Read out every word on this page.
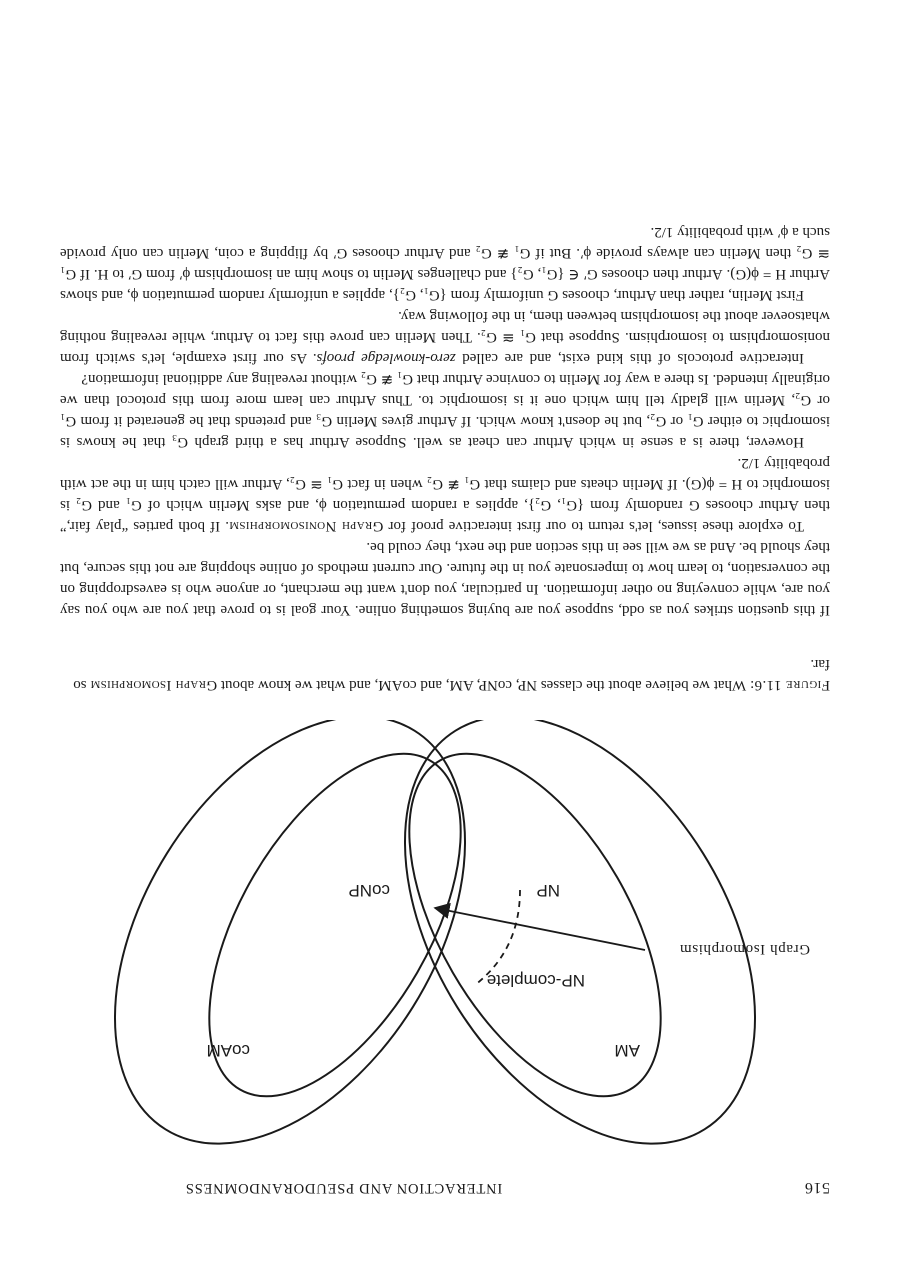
516
INTERACTION AND PSEUDORANDOMNESS
AM
coAM
NP
coNP
NP-complete
Graph Isomorphism
Figure 11.6: What we believe about the classes NP, coNP, AM, and coAM, and what we know about Graph Isomorphism so far.

If this question strikes you as odd, suppose you are buying something online. Your goal is to prove that you are who you say you are, while conveying no other information. In particular, you don't want the merchant, or anyone who is eavesdropping on the conversation, to learn how to impersonate you in the future. Our current methods of online shopping are not this secure, but they should be. And as we will see in this section and the next, they could be.

To explore these issues, let's return to our first interactive proof for Graph Nonisomorphism. If both parties “play fair,” then Arthur chooses G randomly from {G₁, G₂}, applies a random permutation ϕ, and asks Merlin which of G₁ and G₂ is isomorphic to H = ϕ(G). If Merlin cheats and claims that G₁ ≇ G₂ when in fact G₁ ≅ G₂, Arthur will catch him in the act with probability 1/2.

However, there is a sense in which Arthur can cheat as well. Suppose Arthur has a third graph G₃ that he knows is isomorphic to either G₁ or G₂, but he doesn't know which. If Arthur gives Merlin G₃ and pretends that he generated it from G₁ or G₂, Merlin will gladly tell him which one it is isomorphic to. Thus Arthur can learn more from this protocol than we originally intended. Is there a way for Merlin to convince Arthur that G₁ ≇ G₂ without revealing any additional information?

Interactive protocols of this kind exist, and are called zero-knowledge proofs. As our first example, let's switch from nonisomorphism to isomorphism. Suppose that G₁ ≅ G₂. Then Merlin can prove this fact to Arthur, while revealing nothing whatsoever about the isomorphism between them, in the following way.

First Merlin, rather than Arthur, chooses G uniformly from {G₁, G₂}, applies a uniformly random permutation ϕ, and shows Arthur H = ϕ(G). Arthur then chooses G′ ∈ {G₁, G₂} and challenges Merlin to show him an isomorphism ϕ′ from G′ to H. If G₁ ≅ G₂ then Merlin can always provide ϕ′. But if G₁ ≇ G₂ and Arthur chooses G′ by flipping a coin, Merlin can only provide such a ϕ′ with probability 1/2.
